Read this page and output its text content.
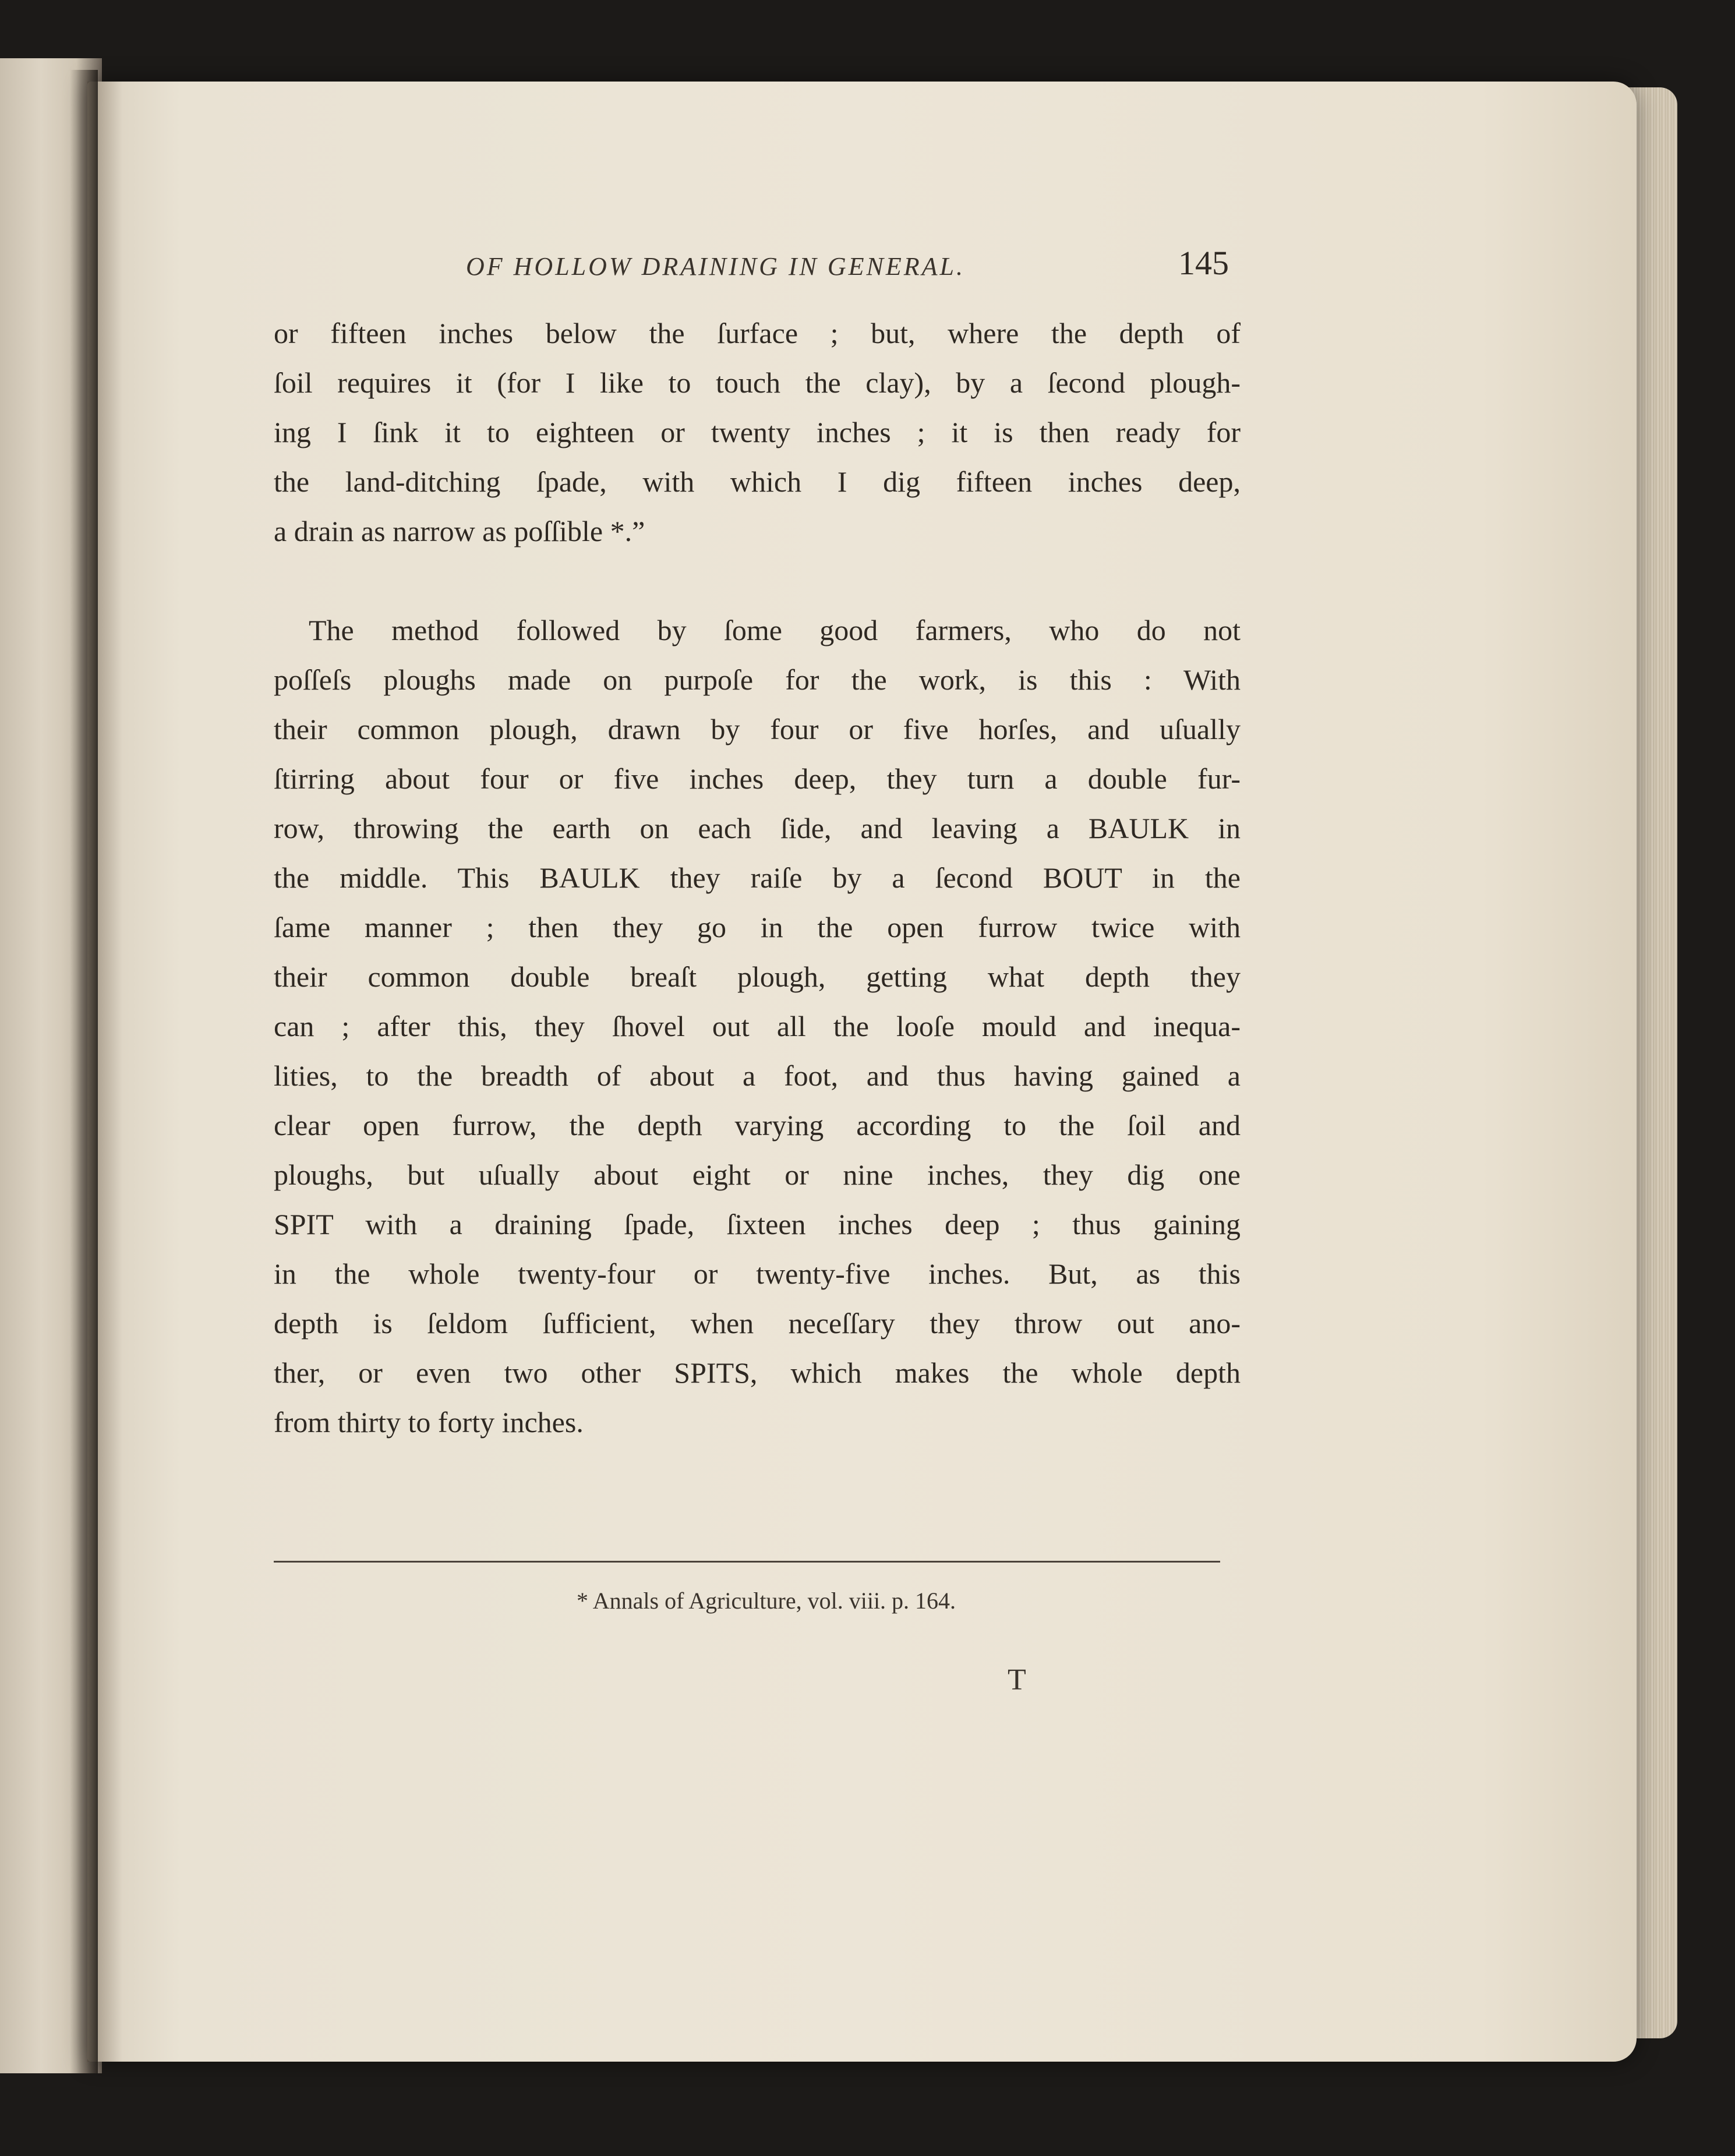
OF HOLLOW DRAINING IN GENERAL.	145
or fifteen inches below the ſurface ; but, where the depth of
ſoil requires it (for I like to touch the clay), by a ſecond plough-
ing I ſink it to eighteen or twenty inches ; it is then ready for
the land-ditching ſpade, with which I dig fifteen inches deep,
a drain as narrow as poſſible *.”
The method followed by ſome good farmers, who do not
poſſeſs ploughs made on purpoſe for the work, is this : With
their common plough, drawn by four or five horſes, and uſually
ſtirring about four or five inches deep, they turn a double fur-
row, throwing the earth on each ſide, and leaving a BAULK in
the middle. This BAULK they raiſe by a ſecond BOUT in the
ſame manner ; then they go in the open furrow twice with
their common double breaſt plough, getting what depth they
can ; after this, they ſhovel out all the looſe mould and inequa-
lities, to the breadth of about a foot, and thus having gained a
clear open furrow, the depth varying according to the ſoil and
ploughs, but uſually about eight or nine inches, they dig one
SPIT with a draining ſpade, ſixteen inches deep ; thus gaining
in the whole twenty-four or twenty-five inches. But, as this
depth is ſeldom ſufficient, when neceſſary they throw out ano-
ther, or even two other SPITS, which makes the whole depth
from thirty to forty inches.
* Annals of Agriculture, vol. viii. p. 164.
T
